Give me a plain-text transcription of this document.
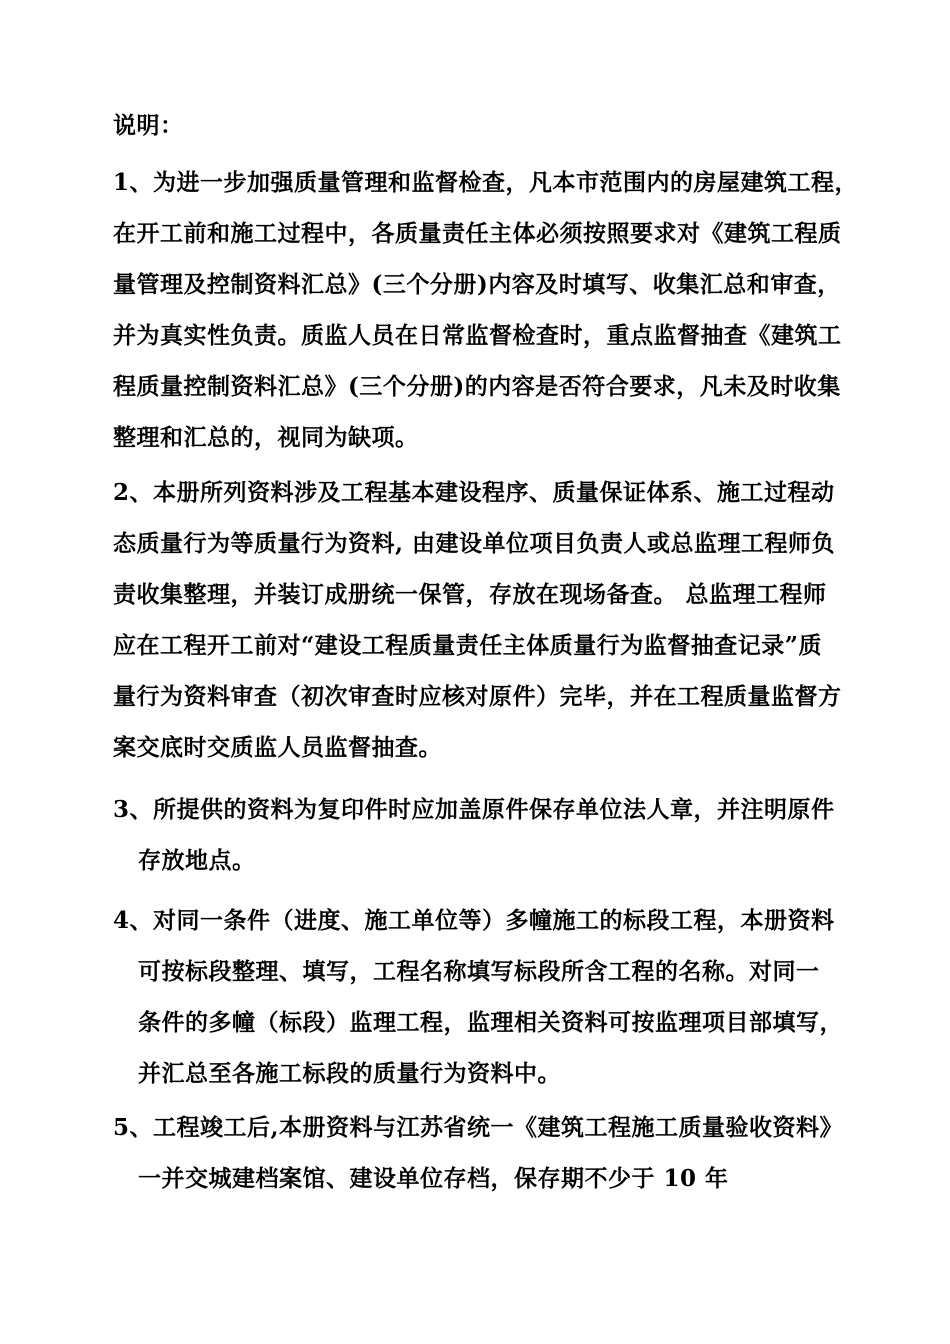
说明：
1、为进一步加强质量管理和监督检查，凡本市范围内的房屋建筑工程，
在开工前和施工过程中，各质量责任主体必须按照要求对《建筑工程质
量管理及控制资料汇总》(三个分册)内容及时填写、收集汇总和审查，
并为真实性负责。质监人员在日常监督检查时，重点监督抽查《建筑工
程质量控制资料汇总》(三个分册)的内容是否符合要求，凡未及时收集
整理和汇总的，视同为缺项。
2、本册所列资料涉及工程基本建设程序、质量保证体系、施工过程动
态质量行为等质量行为资料, 由建设单位项目负责人或总监理工程师负
责收集整理，并装订成册统一保管，存放在现场备查。 总监理工程师
应在工程开工前对“建设工程质量责任主体质量行为监督抽查记录”质
量行为资料审查（初次审查时应核对原件）完毕，并在工程质量监督方
案交底时交质监人员监督抽查。
3、所提供的资料为复印件时应加盖原件保存单位法人章，并注明原件
存放地点。
4、对同一条件（进度、施工单位等）多幢施工的标段工程，本册资料
可按标段整理、填写，工程名称填写标段所含工程的名称。对同一
条件的多幢（标段）监理工程，监理相关资料可按监理项目部填写，
并汇总至各施工标段的质量行为资料中。
5、工程竣工后,本册资料与江苏省统一《建筑工程施工质量验收资料》
一并交城建档案馆、建设单位存档，保存期不少于 10 年
